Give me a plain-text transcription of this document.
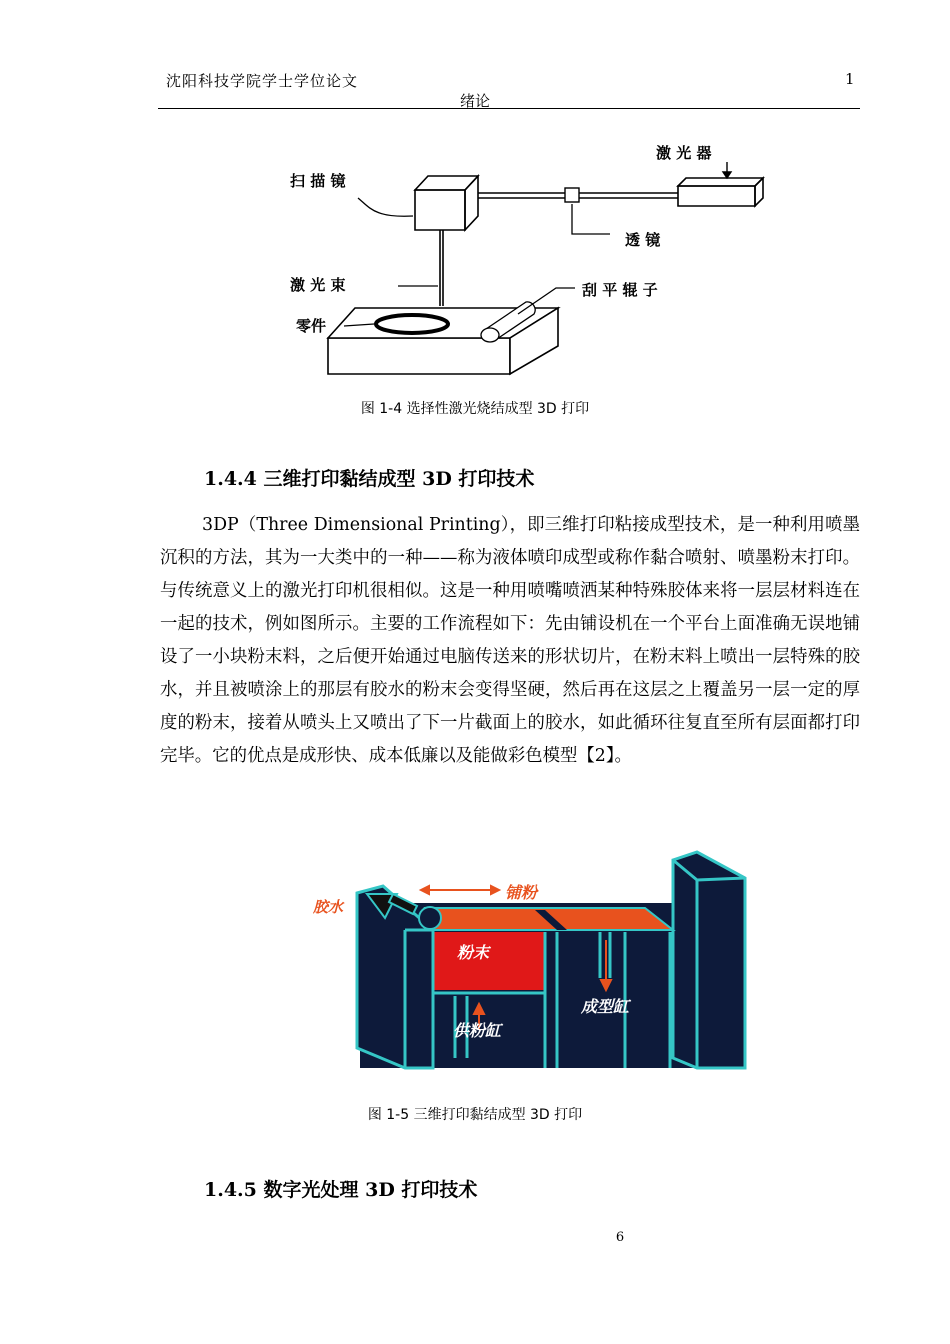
沈阳科技学院学士学位论文	1
绪论
扫 描 镜
激 光 器
透 镜
激 光 束	刮 平 辊 子
零件
图 1-4 选择性激光烧结成型 3D 打印
1.4.4 三维打印黏结成型 3D 打印技术

3DP（Three Dimensional Printing），即三维打印粘接成型技术，是一种利用喷墨沉积的方法，其为一大类中的一种——称为液体喷印成型或称作黏合喷射、喷墨粉末打印。与传统意义上的激光打印机很相似。这是一种用喷嘴喷洒某种特殊胶体来将一层层材料连在一起的技术，例如图所示。主要的工作流程如下：先由铺设机在一个平台上面准确无误地铺设了一小块粉末料，之后便开始通过电脑传送来的形状切片，在粉末料上喷出一层特殊的胶水，并且被喷涂上的那层有胶水的粉末会变得坚硬，然后再在这层之上覆盖另一层一定的厚度的粉末，接着从喷头上又喷出了下一片截面上的胶水，如此循环往复直至所有层面都打印完毕。它的优点是成形快、成本低廉以及能做彩色模型【2】。

胶水
铺粉
粉末
成型缸
供粉缸
图 1-5 三维打印黏结成型 3D 打印
1.4.5 数字光处理 3D 打印技术
6
